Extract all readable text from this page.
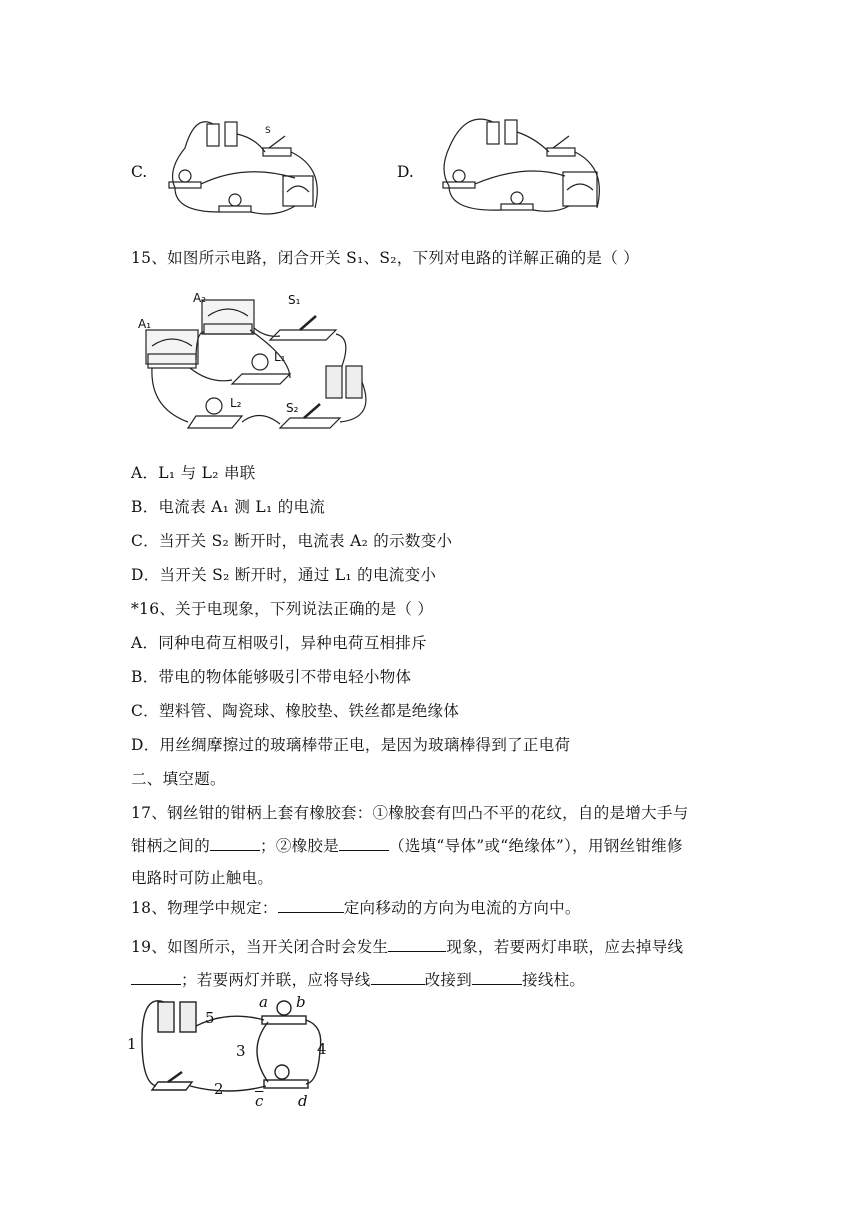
C.
S
D.
15、如图所示电路，闭合开关 S₁、S₂，下列对电路的详解正确的是（ ）
A₂
A₁
S₁
L₁
L₂	S₂
A．L₁ 与 L₂ 串联
B．电流表 A₁ 测 L₁ 的电流
C．当开关 S₂ 断开时，电流表 A₂ 的示数变小
D．当开关 S₂ 断开时，通过 L₁ 的电流变小
*16、关于电现象，下列说法正确的是（ ）
A．同种电荷互相吸引，异种电荷互相排斥
B．带电的物体能够吸引不带电轻小物体
C．塑料管、陶瓷球、橡胶垫、铁丝都是绝缘体
D．用丝绸摩擦过的玻璃棒带正电，是因为玻璃棒得到了正电荷
二、填空题。
17、钢丝钳的钳柄上套有橡胶套：①橡胶套有凹凸不平的花纹，自的是增大手与
钳柄之间的	；②橡胶是	（选填“导体”或“绝缘体”），用钢丝钳维修
电路时可防止触电。
18、物理学中规定：	定向移动的方向为电流的方向中。
19、如图所示，当开关闭合时会发生	现象，若要两灯串联，应去掉导线
；若要两灯并联，应将导线	改接到	接线柱。
a b
5
1	3	4
2
$\overline{c}$ d
